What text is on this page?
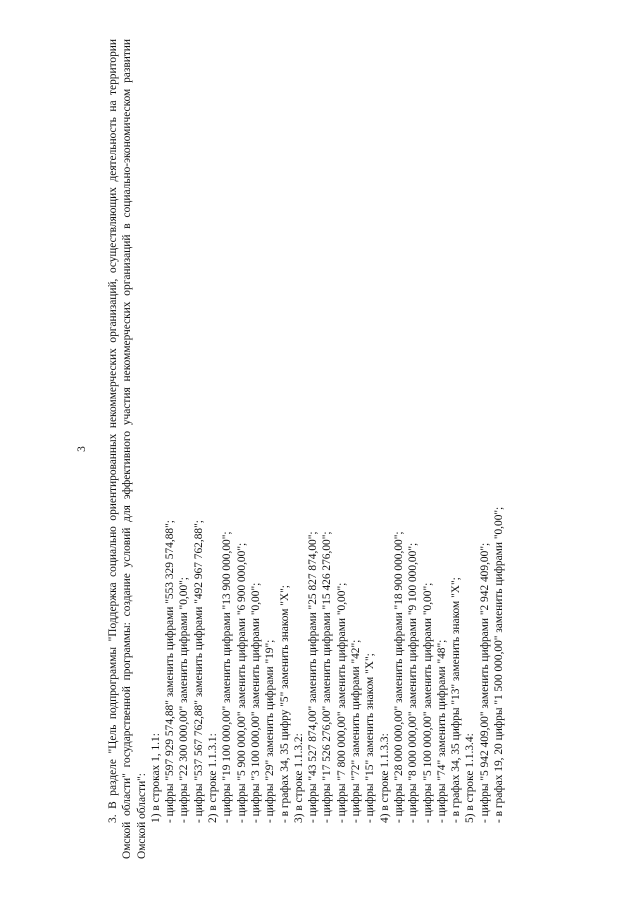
3 3. В разделе "Цель подпрограммы "Поддержка социально ориентированных некоммерческих организаций, осуществляющих деятельность на территории Омской области" государственной программы: создание условий для эффективного участия некоммерческих организаций в социально-экономическом развитии Омской области": 1) в строках 1, 1.1: - цифры "597 929 574,88" заменить цифрами "553 329 574,88"; - цифры "22 300 000,00" заменить цифрами "0,00"; - цифры "537 567 762,88" заменить цифрами "492 967 762,88"; 2) в строке 1.1.3.1: - цифры "19 100 000,00" заменить цифрами "13 900 000,00"; - цифры "5 900 000,00" заменить цифрами "6 900 000,00"; - цифры "3 100 000,00" заменить цифрами "0,00"; - цифры "29" заменить цифрами "19"; - в графах 34, 35 цифру "5" заменить знаком "X"; 3) в строке 1.1.3.2: - цифры "43 527 874,00" заменить цифрами "25 827 874,00"; - цифры "17 526 276,00" заменить цифрами "15 426 276,00"; - цифры "7 800 000,00" заменить цифрами "0,00"; - цифры "72" заменить цифрами "42"; - цифры "15" заменить знаком "X"; 4) в строке 1.1.3.3: - цифры "28 000 000,00" заменить цифрами "18 900 000,00"; - цифры "8 000 000,00" заменить цифрами "9 100 000,00"; - цифры "5 100 000,00" заменить цифрами "0,00"; - цифры "74" заменить цифрами "48"; - в графах 34, 35 цифры "13" заменить знаком "X"; 5) в строке 1.1.3.4: - цифры "5 942 409,00" заменить цифрами "2 942 409,00"; - в графах 19, 20 цифры "1 500 000,00" заменить цифрами "0,00";
